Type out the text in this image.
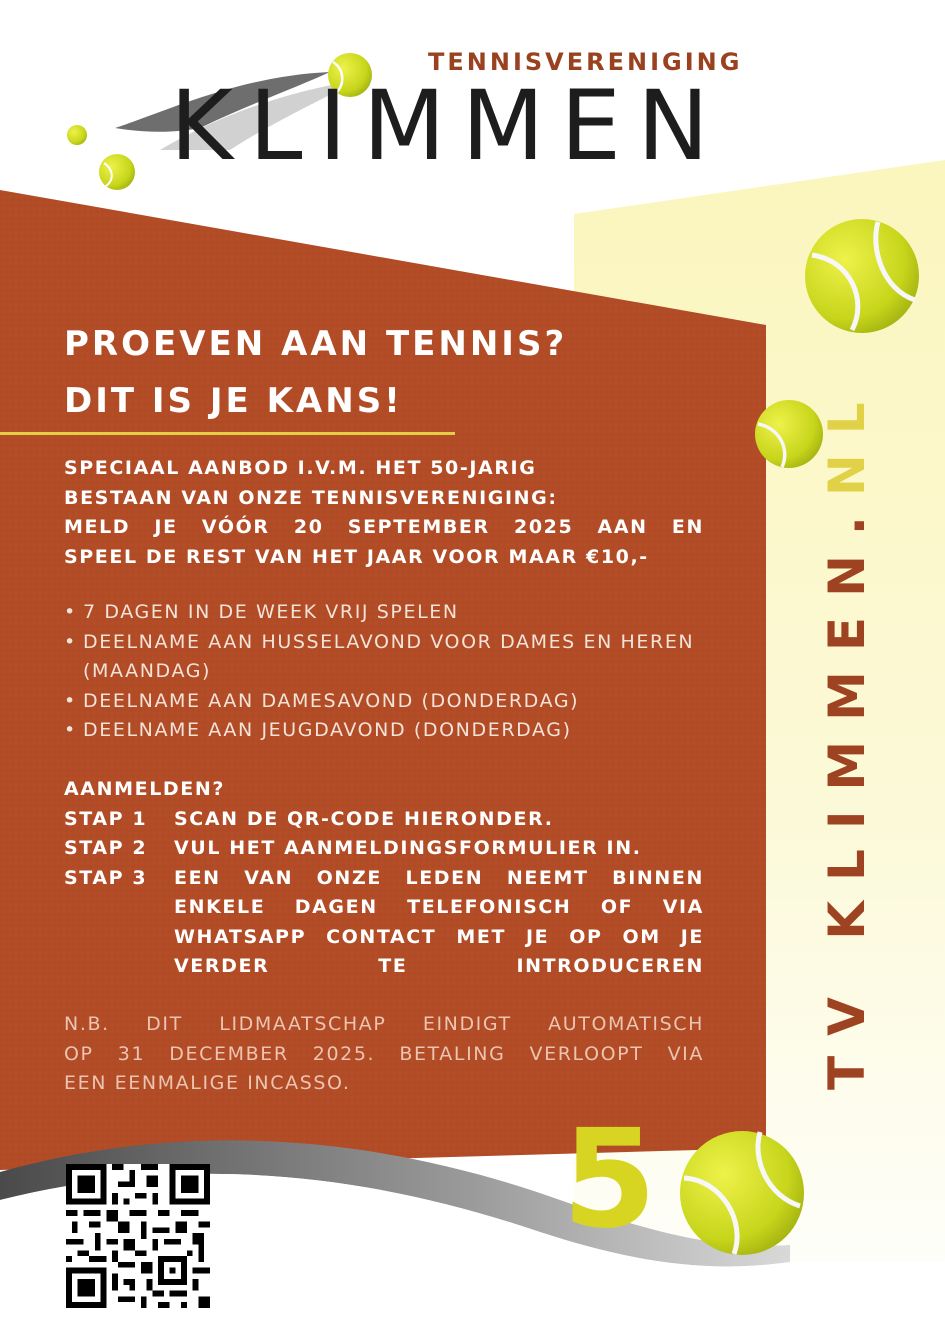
TENNISVERENIGING
KLIMMEN
PROEVEN AAN TENNIS?
DIT IS JE KANS!
SPECIAAL AANBOD I.V.M. HET 50-JARIG
BESTAAN VAN ONZE TENNISVERENIGING:
MELD JE VÓÓR 20 SEPTEMBER 2025 AAN EN
SPEEL DE REST VAN HET JAAR VOOR MAAR €10,-
• 7 DAGEN IN DE WEEK VRIJ SPELEN
• DEELNAME AAN HUSSELAVOND VOOR DAMES EN HEREN (MAANDAG)
• DEELNAME AAN DAMESAVOND (DONDERDAG)
• DEELNAME AAN JEUGDAVOND (DONDERDAG)
AANMELDEN?
STAP 1	SCAN DE QR-CODE HIERONDER.
STAP 2	VUL HET AANMELDINGSFORMULIER IN.
STAP 3	EEN VAN ONZE LEDEN NEEMT BINNEN ENKELE DAGEN TELEFONISCH OF VIA WHATSAPP CONTACT MET JE OP OM JE VERDER TE INTRODUCEREN
N.B. DIT LIDMAATSCHAP EINDIGT AUTOMATISCH
OP 31 DECEMBER 2025. BETALING VERLOOPT VIA
EEN EENMALIGE INCASSO.	TV KLIMMEN.NL
5
